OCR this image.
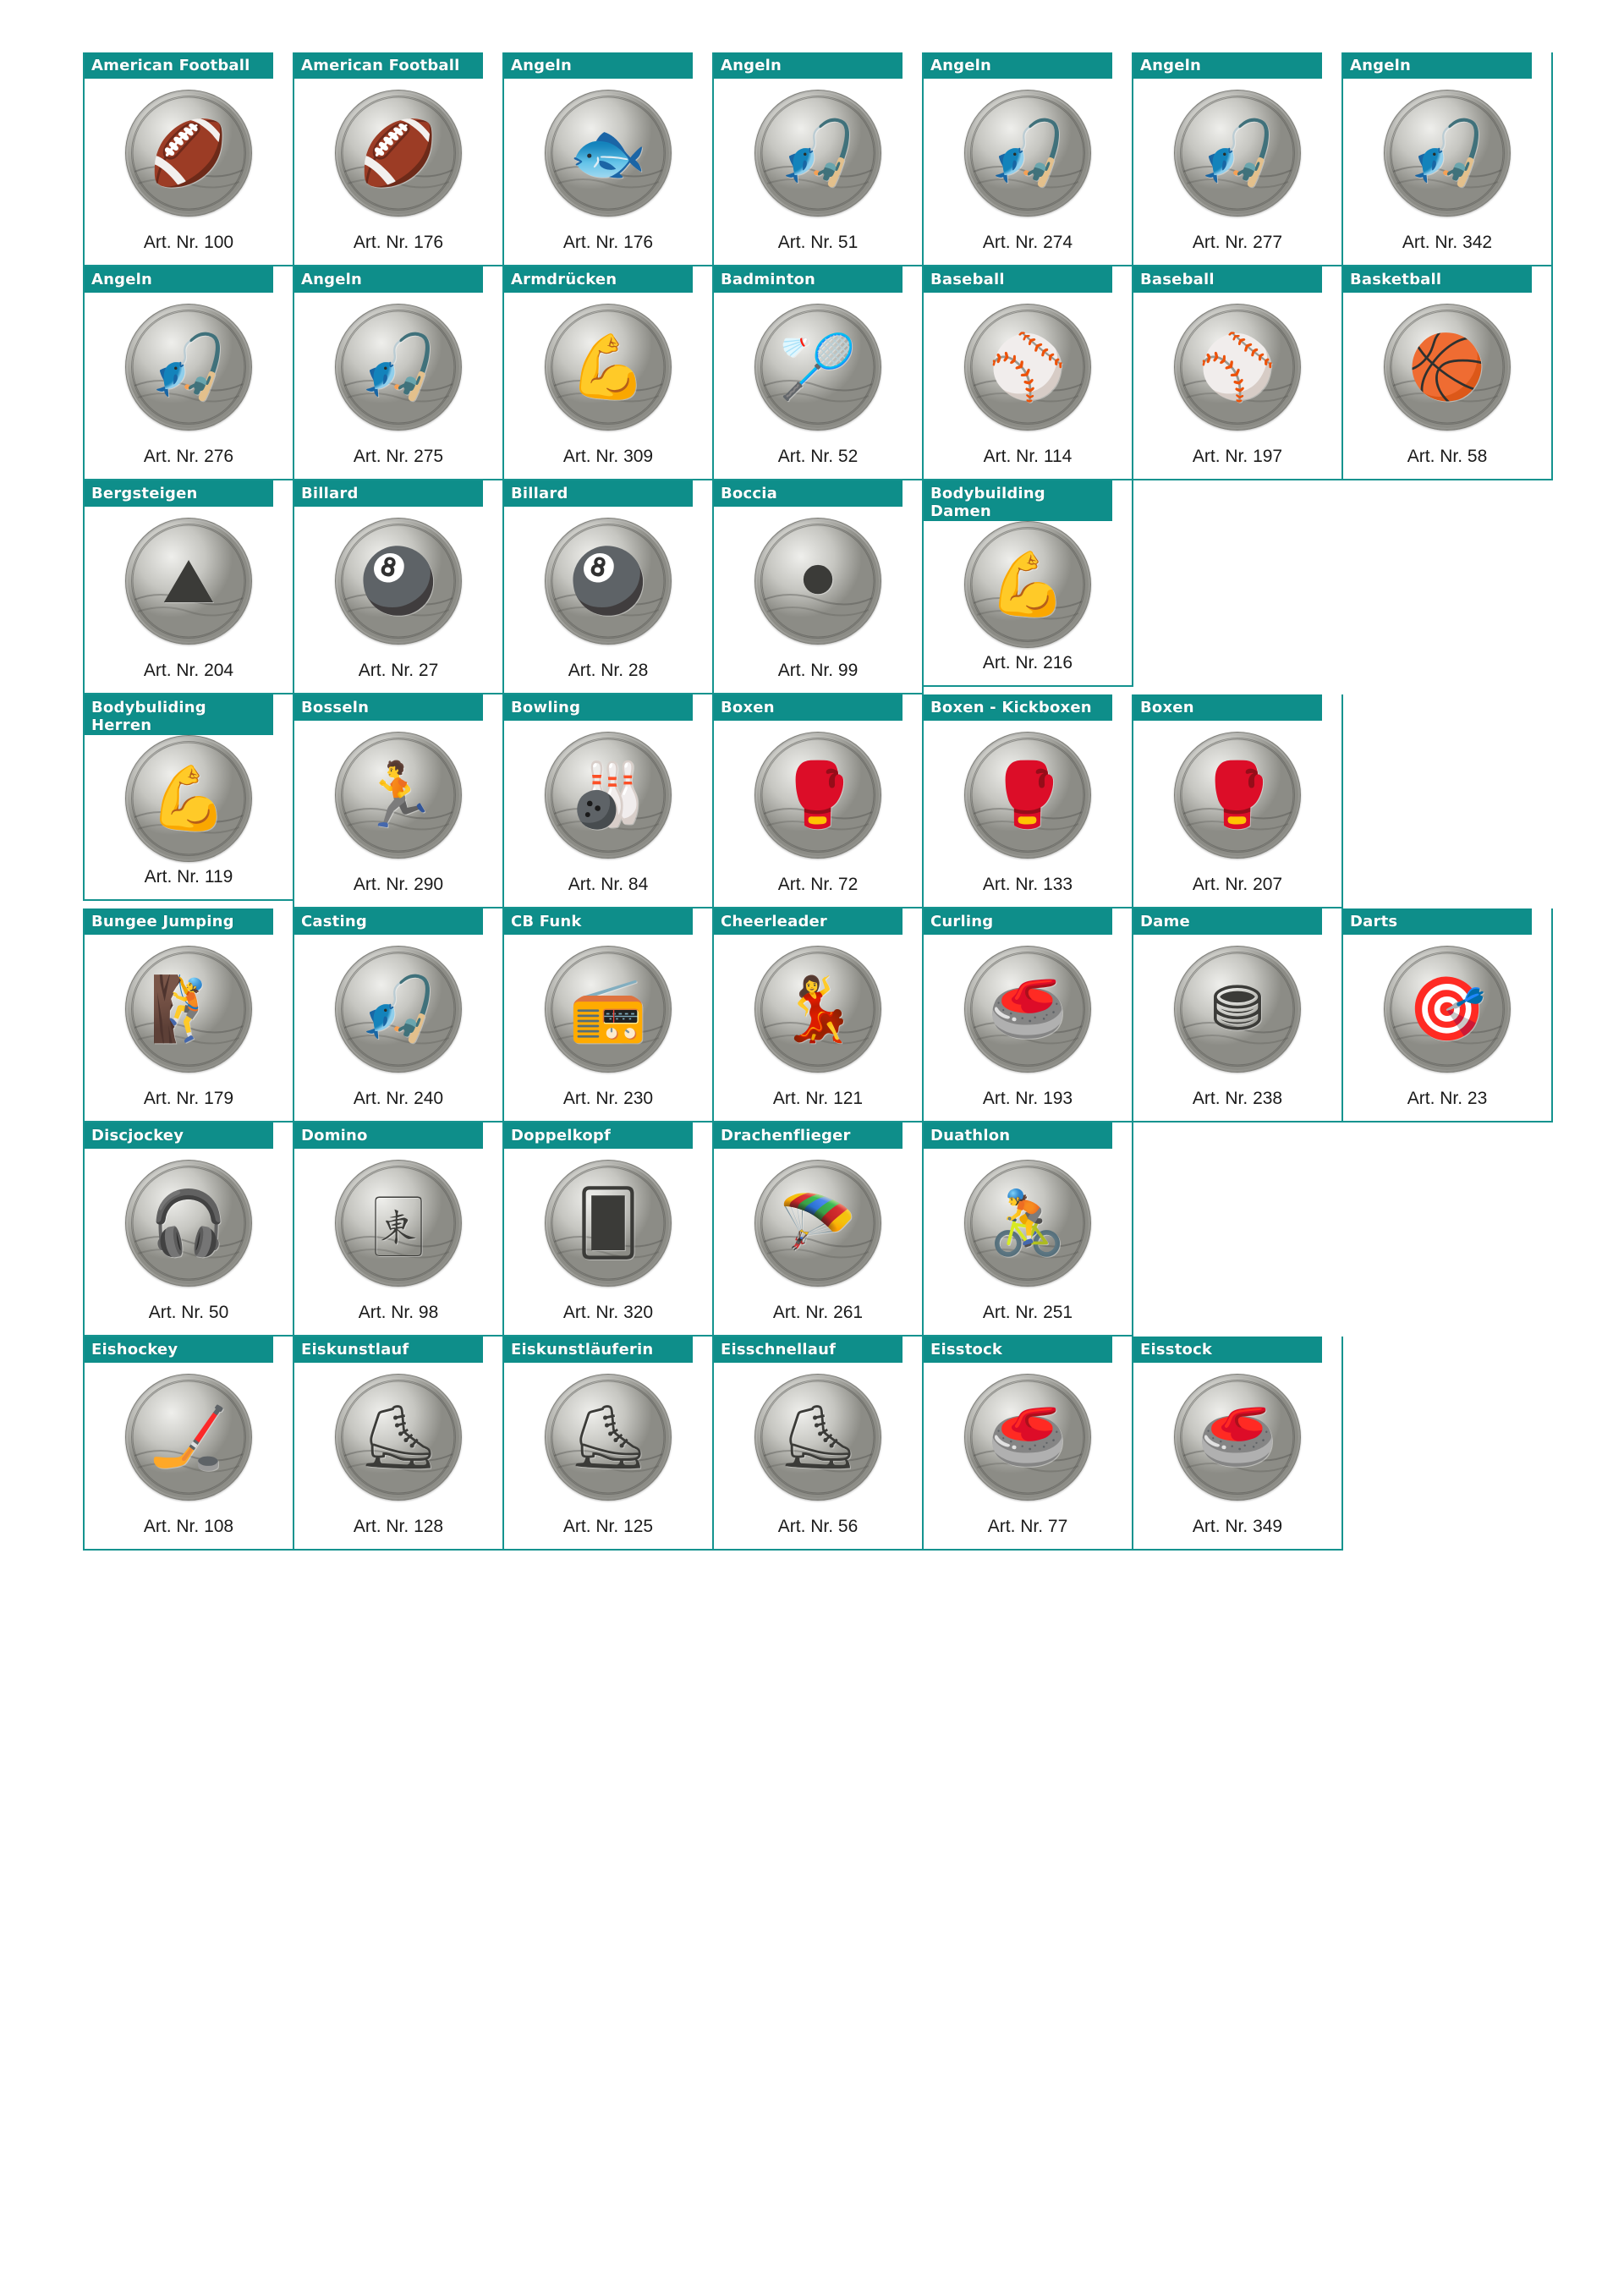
American Football
🏈
Art. Nr. 100
American Football
🏈
Art. Nr. 176
Angeln
🐟
Art. Nr. 176
Angeln
🎣
Art. Nr. 51
Angeln
🎣
Art. Nr. 274
Angeln
🎣
Art. Nr. 277
Angeln
🎣
Art. Nr. 342
Angeln
🎣
Art. Nr. 276
Angeln
🎣
Art. Nr. 275
Armdrücken
💪
Art. Nr. 309
Badminton
🏸
Art. Nr. 52
Baseball
⚾
Art. Nr. 114
Baseball
⚾
Art. Nr. 197
Basketball
🏀
Art. Nr. 58
Bergsteigen
⛰
Art. Nr. 204
Billard
🎱
Art. Nr. 27
Billard
🎱
Art. Nr. 28
Boccia
⚫
Art. Nr. 99
Bodybuilding Damen
💪
Art. Nr. 216
Bodybuliding Herren
💪
Art. Nr. 119
Bosseln
🏃
Art. Nr. 290
Bowling
🎳
Art. Nr. 84
Boxen
🥊
Art. Nr. 72
Boxen - Kickboxen
🥊
Art. Nr. 133
Boxen
🥊
Art. Nr. 207
Bungee Jumping
🧗
Art. Nr. 179
Casting
🎣
Art. Nr. 240
CB Funk
📻
Art. Nr. 230
Cheerleader
💃
Art. Nr. 121
Curling
🥌
Art. Nr. 193
Dame
⛃
Art. Nr. 238
Darts
🎯
Art. Nr. 23
Discjockey
🎧
Art. Nr. 50
Domino
🀀
Art. Nr. 98
Doppelkopf
🂠
Art. Nr. 320
Drachenflieger
🪂
Art. Nr. 261
Duathlon
🚴
Art. Nr. 251
Eishockey
🏒
Art. Nr. 108
Eiskunstlauf
⛸
Art. Nr. 128
Eiskunstläuferin
⛸
Art. Nr. 125
Eisschnellauf
⛸
Art. Nr. 56
Eisstock
🥌
Art. Nr. 77
Eisstock
🥌
Art. Nr. 349
